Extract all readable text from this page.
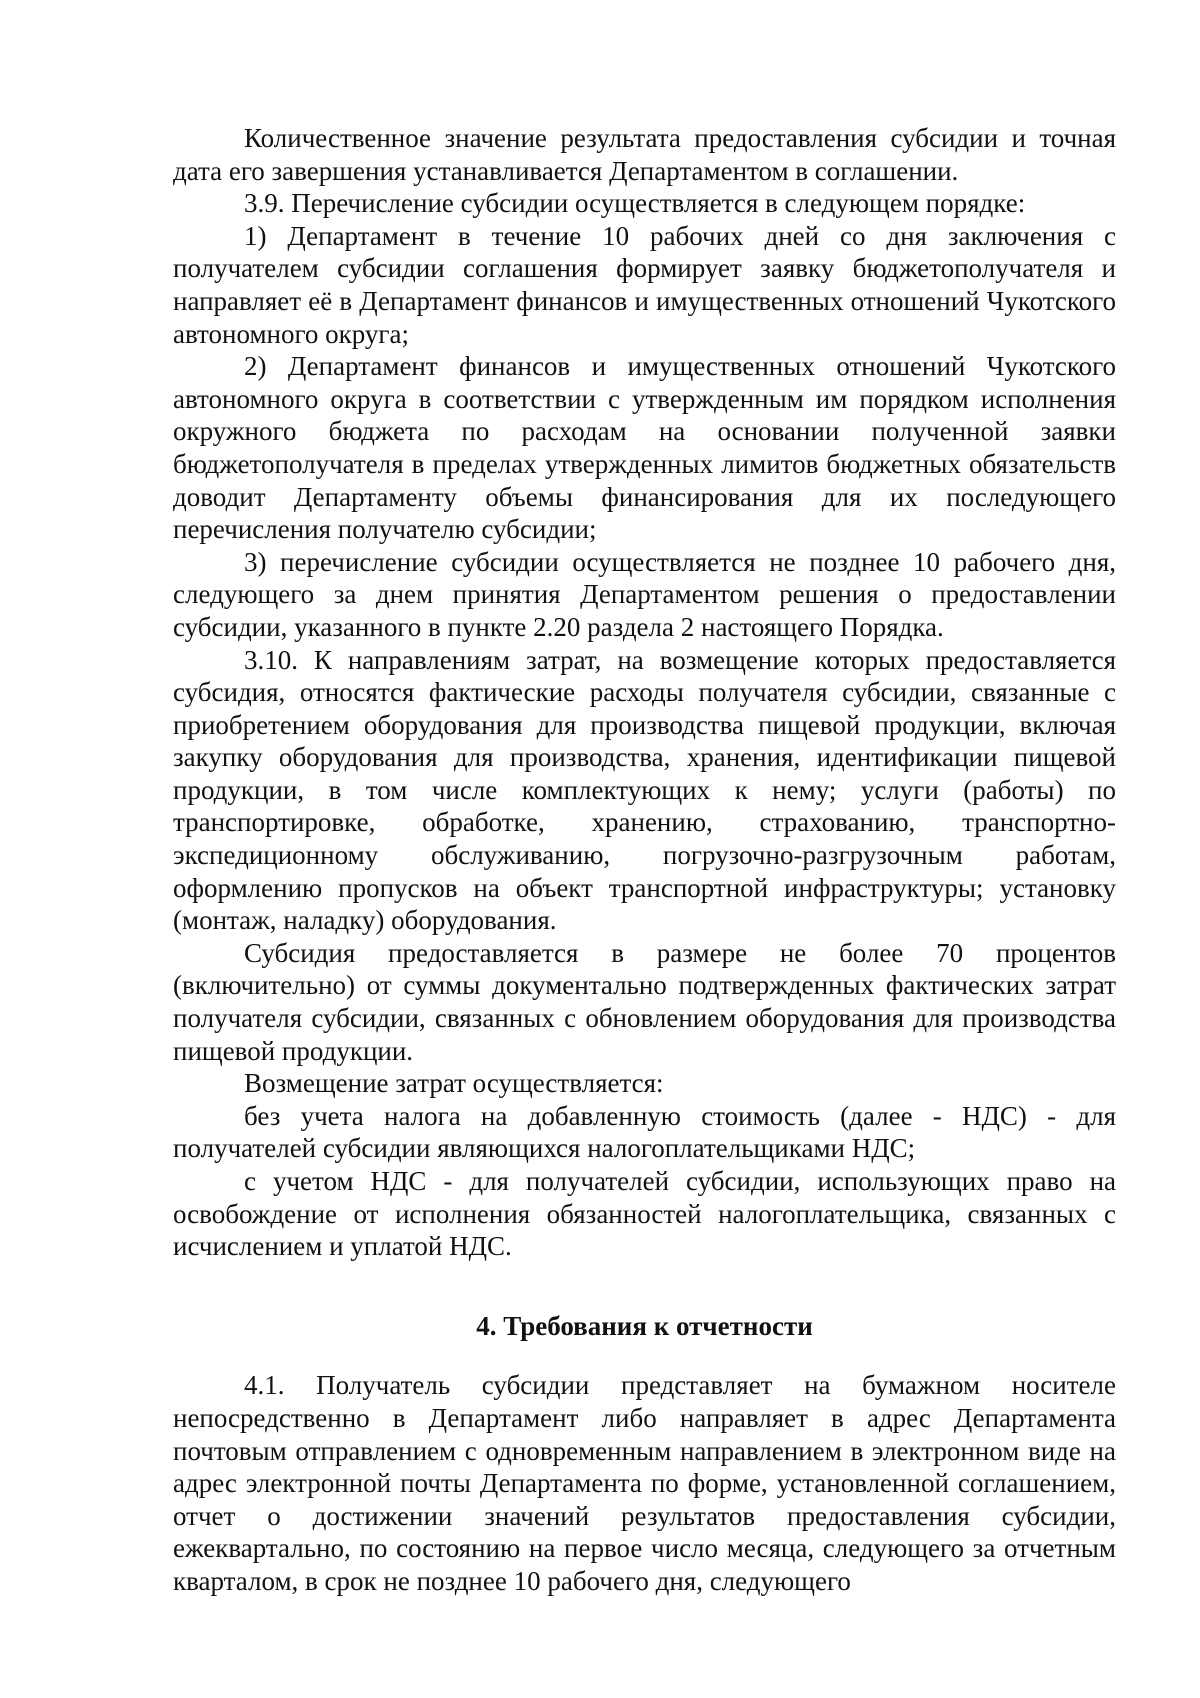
Количественное значение результата предоставления субсидии и точная дата его завершения устанавливается Департаментом в соглашении.

3.9. Перечисление субсидии осуществляется в следующем порядке:

1) Департамент в течение 10 рабочих дней со дня заключения с получателем субсидии соглашения формирует заявку бюджетополучателя и направляет её в Департамент финансов и имущественных отношений Чукотского автономного округа;

2) Департамент финансов и имущественных отношений Чукотского автономного округа в соответствии с утвержденным им порядком исполнения окружного бюджета по расходам на основании полученной заявки бюджетополучателя в пределах утвержденных лимитов бюджетных обязательств доводит Департаменту объемы финансирования для их последующего перечисления получателю субсидии;

3) перечисление субсидии осуществляется не позднее 10 рабочего дня, следующего за днем принятия Департаментом решения о предоставлении субсидии, указанного в пункте 2.20 раздела 2 настоящего Порядка.

3.10. К направлениям затрат, на возмещение которых предоставляется субсидия, относятся фактические расходы получателя субсидии, связанные с приобретением оборудования для производства пищевой продукции, включая закупку оборудования для производства, хранения, идентификации пищевой продукции, в том числе комплектующих к нему; услуги (работы) по транспортировке, обработке, хранению, страхованию, транспортно-экспедиционному обслуживанию, погрузочно-разгрузочным работам, оформлению пропусков на объект транспортной инфраструктуры; установку (монтаж, наладку) оборудования.

Субсидия предоставляется в размере не более 70 процентов (включительно) от суммы документально подтвержденных фактических затрат получателя субсидии, связанных с обновлением оборудования для производства пищевой продукции.

Возмещение затрат осуществляется:

без учета налога на добавленную стоимость (далее - НДС) - для получателей субсидии являющихся налогоплательщиками НДС;

с учетом НДС - для получателей субсидии, использующих право на освобождение от исполнения обязанностей налогоплательщика, связанных с исчислением и уплатой НДС.

4. Требования к отчетности

4.1. Получатель субсидии представляет на бумажном носителе непосредственно в Департамент либо направляет в адрес Департамента почтовым отправлением с одновременным направлением в электронном виде на адрес электронной почты Департамента по форме, установленной соглашением, отчет о достижении значений результатов предоставления субсидии, ежеквартально, по состоянию на первое число месяца, следующего за отчетным кварталом, в срок не позднее 10 рабочего дня, следующего
